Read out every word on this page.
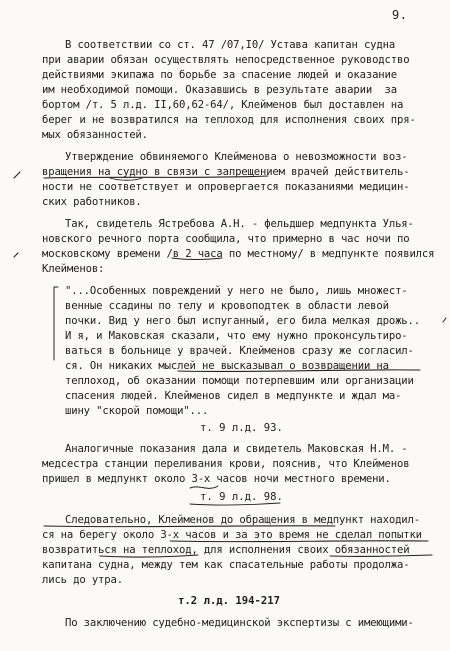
9.
В соответствии со ст. 47 /07,I0/ Устава капитан судна
при аварии обязан осуществлять непосредственное руководство
действиями экипажа по борьбе за спасение людей и оказание
им необходимой помощи. Оказавшись в результате аварии  за
бортом /т. 5 л.д. II,60,62-64/, Клейменов был доставлен на
берег и не возвратился на теплоход для исполнения своих пря-
мых обязанностей.
Утверждение обвиняемого Клейменова о невозможности воз-
вращения на судно в связи с запрещением врачей действитель-
ности не соответствует и опровергается показаниями медицин-
ских работников.
Так, свидетель Ястребова А.Н. - фельдшер медпункта Улья-
новского речного порта сообщила, что примерно в час ночи по
московскому времени /в 2 часа по местному/ в медпункте появился
Клейменов:
"...Особенных повреждений у него не было, лишь множест-
венные ссадины по телу и кровоподтек в области левой
почки. Вид у него был испуганный, его била мелкая дрожь..
И я, и Маковская сказали, что ему нужно проконсультиро-
ваться в больнице у врачей. Клейменов сразу же согласил-
ся. Он никаких мыслей не высказывал о возвращении на
теплоход, об оказании помощи потерпевшим или организации
спасения людей. Клейменов сидел в медпункте и ждал ма-
шину "скорой помощи"...
т. 9 л.д. 93.
Аналогичные показания дала и свидетель Маковская Н.М. -
медсестра станции переливания крови, пояснив, что Клейменов
пришел в медпункт около 3-х часов ночи местного времени.
т. 9 л.д. 98.
Следовательно, Клейменов до обращения в медпункт находил-
ся на берегу около 3-х часов и за это время не сделал попытки
возвратиться на теплоход, для исполнения своих обязанностей
капитана судна, между тем как спасательные работы продолжа-
лись до утра.
т.2 л.д. 194-217
По заключению судебно-медицинской экспертизы с имеющими-
